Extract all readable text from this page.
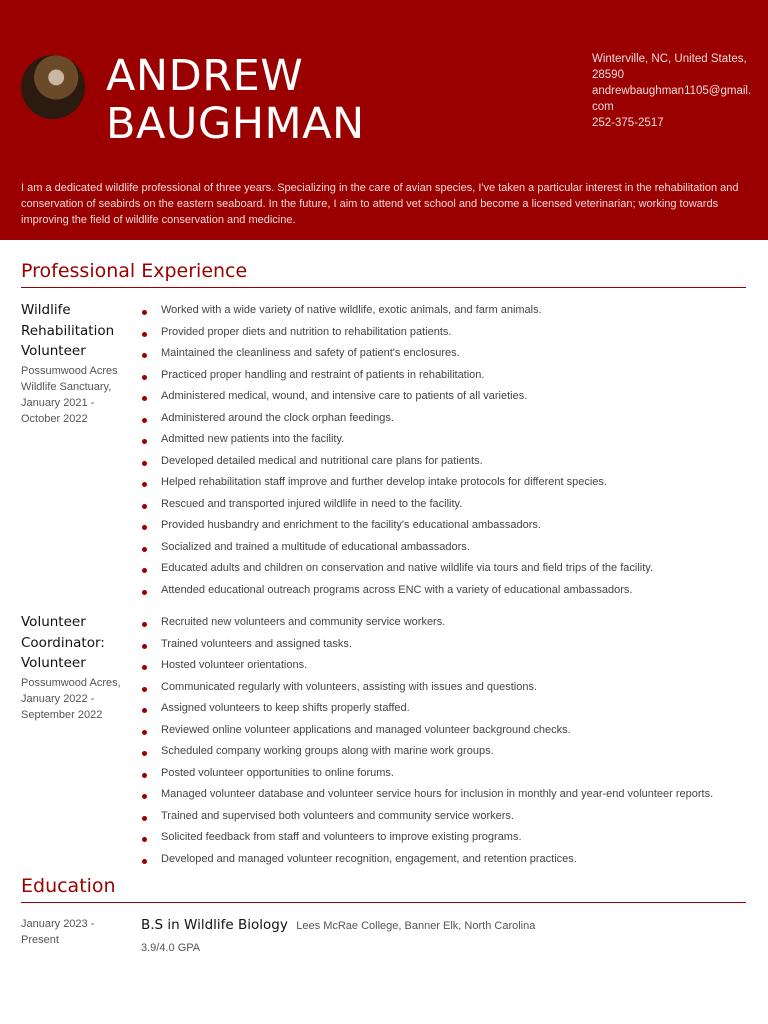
ANDREW
BAUGHMAN
Winterville, NC, United States, 28590
andrewbaughman1105@gmail.com
252-375-2517
I am a dedicated wildlife professional of three years. Specializing in the care of avian species, I've taken a particular interest in the rehabilitation and conservation of seabirds on the eastern seaboard. In the future, I aim to attend vet school and become a licensed veterinarian; working towards improving the field of wildlife conservation and medicine.
Professional Experience
Wildlife Rehabilitation Volunteer
Possumwood Acres Wildlife Sanctuary, January 2021 - October 2022
Worked with a wide variety of native wildlife, exotic animals, and farm animals.
Provided proper diets and nutrition to rehabilitation patients.
Maintained the cleanliness and safety of patient's enclosures.
Practiced proper handling and restraint of patients in rehabilitation.
Administered medical, wound, and intensive care to patients of all varieties.
Administered around the clock orphan feedings.
Admitted new patients into the facility.
Developed detailed medical and nutritional care plans for patients.
Helped rehabilitation staff improve and further develop intake protocols for different species.
Rescued and transported injured wildlife in need to the facility.
Provided husbandry and enrichment to the facility's educational ambassadors.
Socialized and trained a multitude of educational ambassadors.
Educated adults and children on conservation and native wildlife via tours and field trips of the facility.
Attended educational outreach programs across ENC with a variety of educational ambassadors.
Volunteer Coordinator: Volunteer
Possumwood Acres, January 2022 - September 2022
Recruited new volunteers and community service workers.
Trained volunteers and assigned tasks.
Hosted volunteer orientations.
Communicated regularly with volunteers, assisting with issues and questions.
Assigned volunteers to keep shifts properly staffed.
Reviewed online volunteer applications and managed volunteer background checks.
Scheduled company working groups along with marine work groups.
Posted volunteer opportunities to online forums.
Managed volunteer database and volunteer service hours for inclusion in monthly and year-end volunteer reports.
Trained and supervised both volunteers and community service workers.
Solicited feedback from staff and volunteers to improve existing programs.
Developed and managed volunteer recognition, engagement, and retention practices.
Education
January 2023 - Present
B.S in Wildlife Biology Lees McRae College, Banner Elk, North Carolina
3.9/4.0 GPA
